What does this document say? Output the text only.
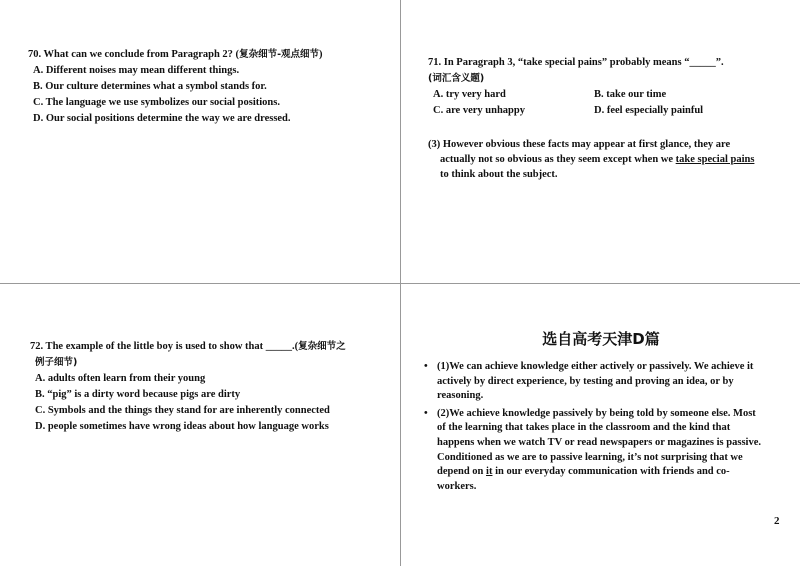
70. What can we conclude from Paragraph 2? (复杂细节-观点细节)
A. Different noises may mean different things.
B. Our culture determines what a symbol stands for.
C. The language we use symbolizes our social positions.
D. Our social positions determine the way we are dressed.
71. In Paragraph 3, “take special pains” probably means “_____”.
(词汇含义题)
A. try very hard	B. take our time
C. are very unhappy	D. feel especially painful
(3) However obvious these facts may appear at first glance, they are
actually not so obvious as they seem except when we take special pains
to think about the subject.
72. The example of the little boy is used to show that _____.(复杂细节之
例子细节)
A. adults often learn from their young
B. “pig” is a dirty word because pigs are dirty
C. Symbols and the things they stand for are inherently connected
D. people sometimes have wrong ideas about how language works
选自高考天津D篇
• (1)We can achieve knowledge either actively or passively. We achieve it
actively by direct experience, by testing and proving an idea, or by
reasoning.
• (2)We achieve knowledge passively by being told by someone else. Most
of the learning that takes place in the classroom and the kind that
happens when we watch TV or read newspapers or magazines is passive.
Conditioned as we are to passive learning, it’s not surprising that we
depend on it in our everyday communication with friends and co-
workers.
2
